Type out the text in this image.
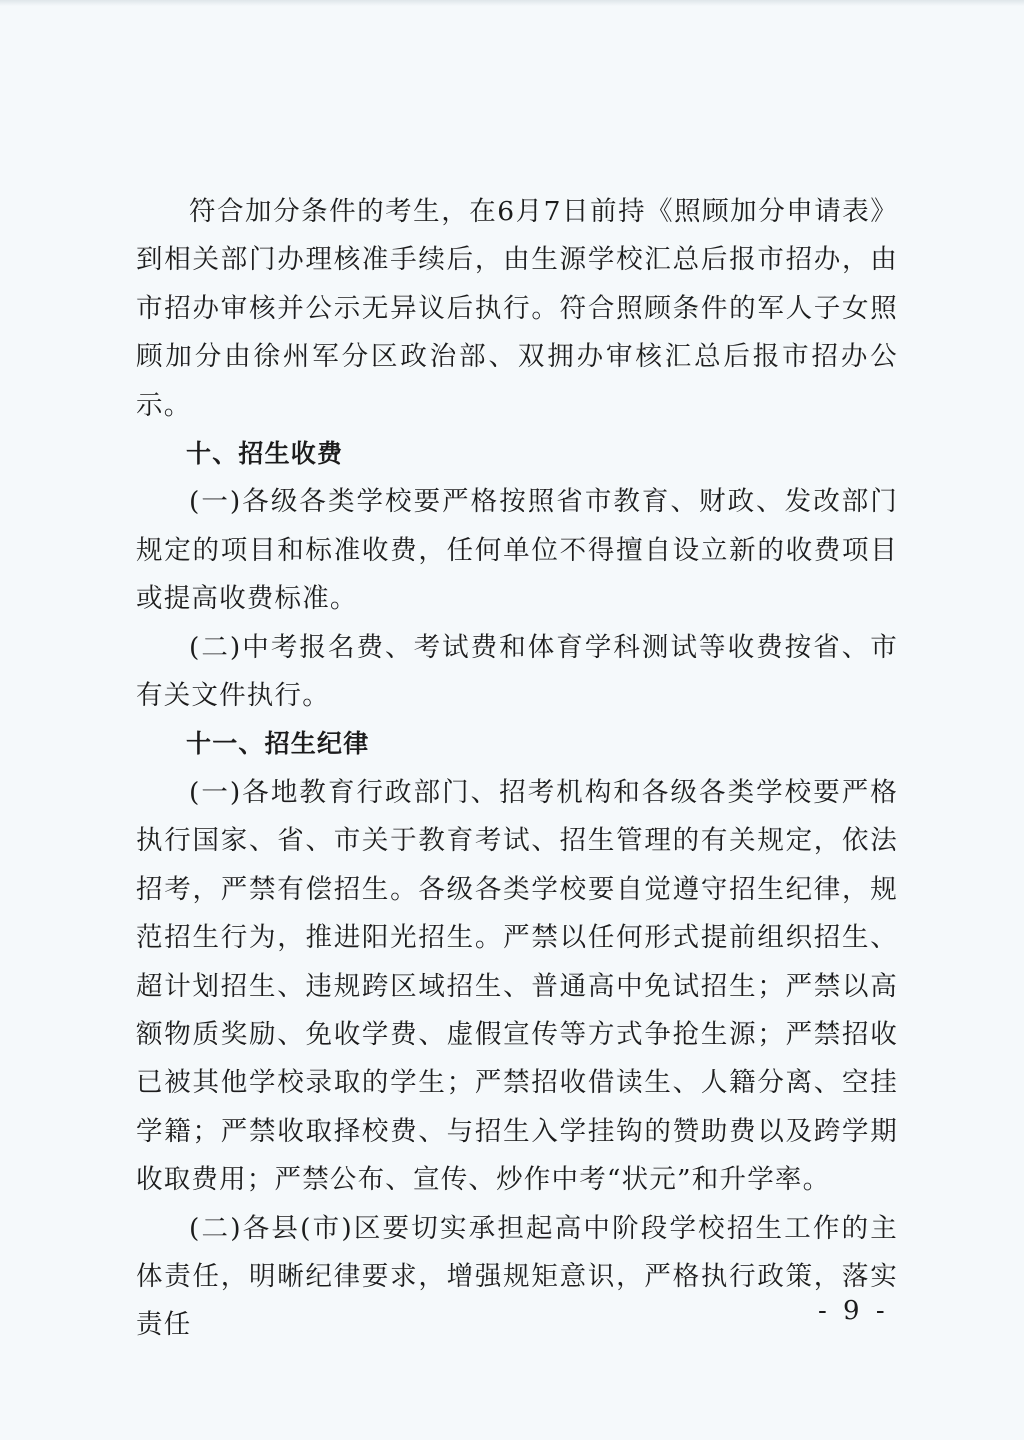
符合加分条件的考生，在6月7日前持《照顾加分申请表》到相关部门办理核准手续后，由生源学校汇总后报市招办，由市招办审核并公示无异议后执行。符合照顾条件的军人子女照顾加分由徐州军分区政治部、双拥办审核汇总后报市招办公示。

十、招生收费

(一)各级各类学校要严格按照省市教育、财政、发改部门规定的项目和标准收费，任何单位不得擅自设立新的收费项目或提高收费标准。

(二)中考报名费、考试费和体育学科测试等收费按省、市有关文件执行。

十一、招生纪律

(一)各地教育行政部门、招考机构和各级各类学校要严格执行国家、省、市关于教育考试、招生管理的有关规定，依法招考，严禁有偿招生。各级各类学校要自觉遵守招生纪律，规范招生行为，推进阳光招生。严禁以任何形式提前组织招生、超计划招生、违规跨区域招生、普通高中免试招生；严禁以高额物质奖励、免收学费、虚假宣传等方式争抢生源；严禁招收已被其他学校录取的学生；严禁招收借读生、人籍分离、空挂学籍；严禁收取择校费、与招生入学挂钩的赞助费以及跨学期收取费用；严禁公布、宣传、炒作中考“状元”和升学率。

(二)各县(市)区要切实承担起高中阶段学校招生工作的主体责任，明晰纪律要求，增强规矩意识，严格执行政策，落实责任	- 9 -
